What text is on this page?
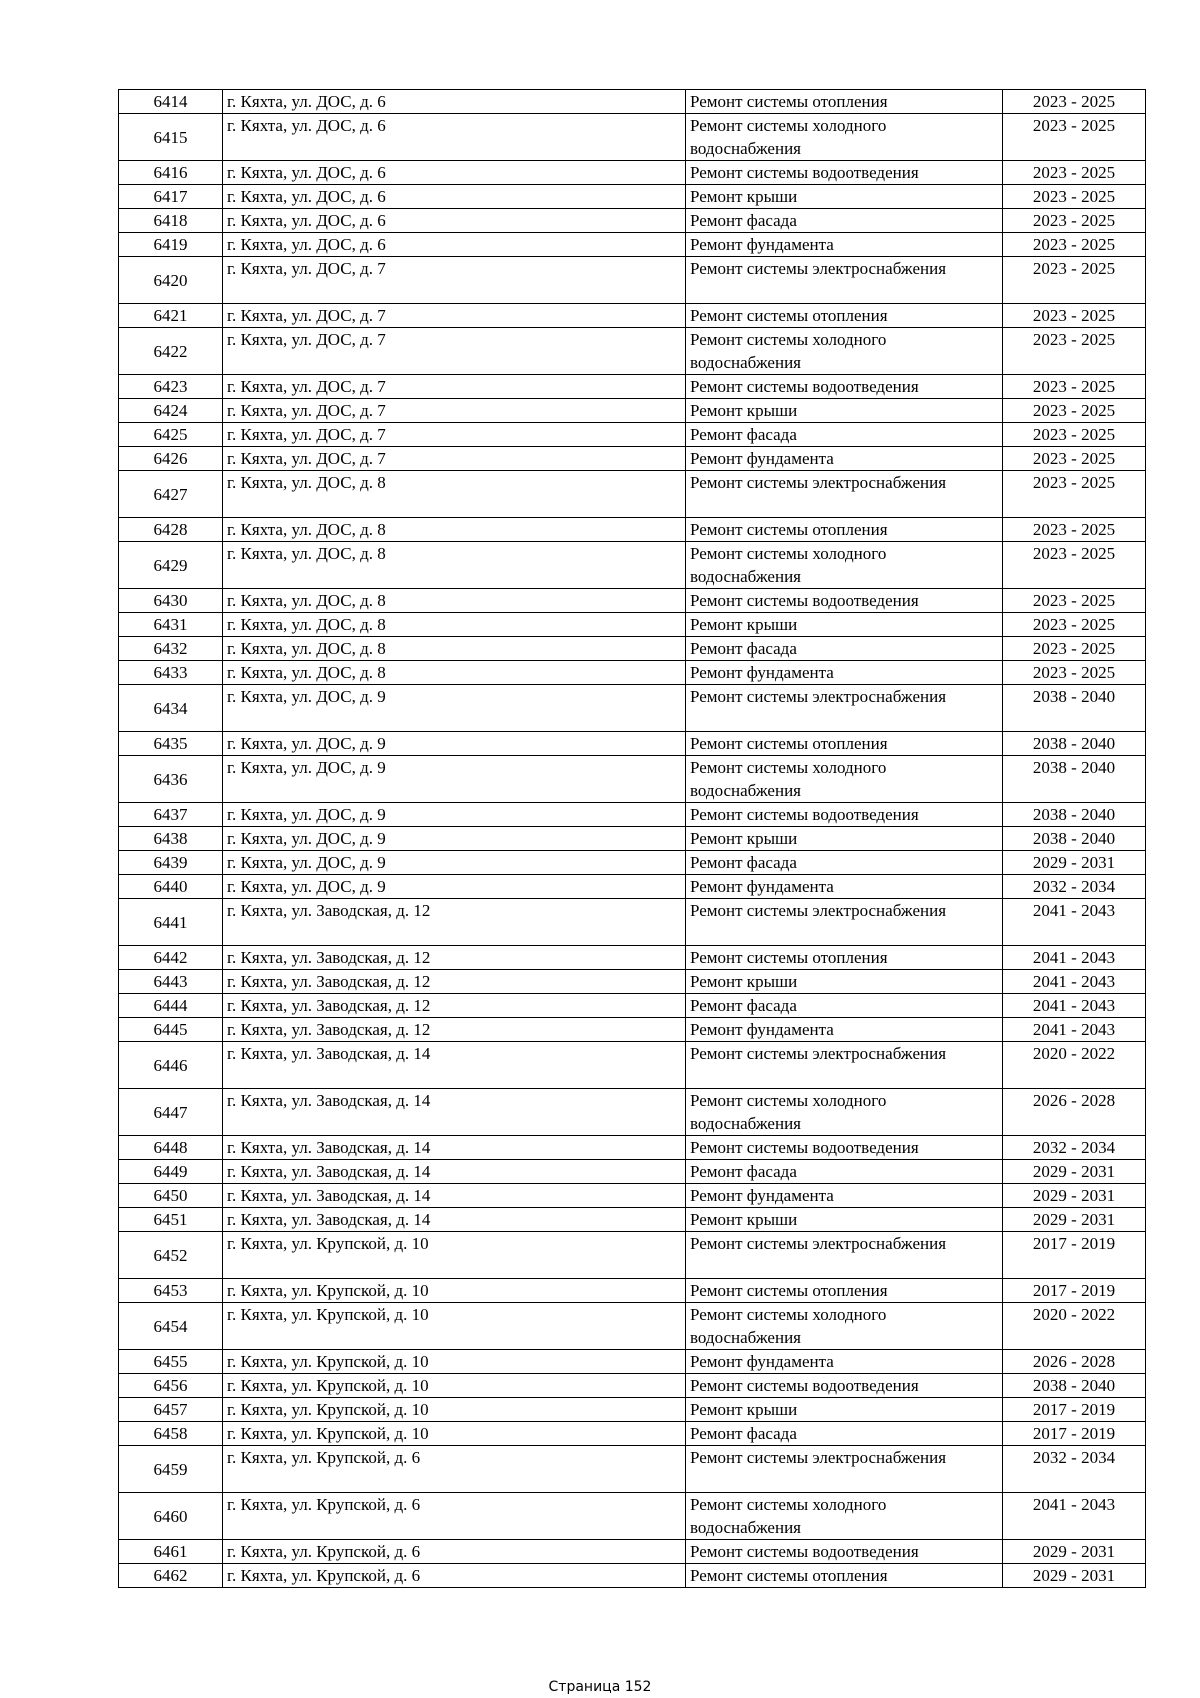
6414	г. Кяхта, ул. ДОС, д. 6	Ремонт системы отопления	2023 - 2025
6415	г. Кяхта, ул. ДОС, д. 6	Ремонт системы холодного водоснабжения	2023 - 2025
6416	г. Кяхта, ул. ДОС, д. 6	Ремонт системы водоотведения	2023 - 2025
6417	г. Кяхта, ул. ДОС, д. 6	Ремонт крыши	2023 - 2025
6418	г. Кяхта, ул. ДОС, д. 6	Ремонт фасада	2023 - 2025
6419	г. Кяхта, ул. ДОС, д. 6	Ремонт фундамента	2023 - 2025
6420	г. Кяхта, ул. ДОС, д. 7	Ремонт системы электроснабжения	2023 - 2025
6421	г. Кяхта, ул. ДОС, д. 7	Ремонт системы отопления	2023 - 2025
6422	г. Кяхта, ул. ДОС, д. 7	Ремонт системы холодного водоснабжения	2023 - 2025
6423	г. Кяхта, ул. ДОС, д. 7	Ремонт системы водоотведения	2023 - 2025
6424	г. Кяхта, ул. ДОС, д. 7	Ремонт крыши	2023 - 2025
6425	г. Кяхта, ул. ДОС, д. 7	Ремонт фасада	2023 - 2025
6426	г. Кяхта, ул. ДОС, д. 7	Ремонт фундамента	2023 - 2025
6427	г. Кяхта, ул. ДОС, д. 8	Ремонт системы электроснабжения	2023 - 2025
6428	г. Кяхта, ул. ДОС, д. 8	Ремонт системы отопления	2023 - 2025
6429	г. Кяхта, ул. ДОС, д. 8	Ремонт системы холодного водоснабжения	2023 - 2025
6430	г. Кяхта, ул. ДОС, д. 8	Ремонт системы водоотведения	2023 - 2025
6431	г. Кяхта, ул. ДОС, д. 8	Ремонт крыши	2023 - 2025
6432	г. Кяхта, ул. ДОС, д. 8	Ремонт фасада	2023 - 2025
6433	г. Кяхта, ул. ДОС, д. 8	Ремонт фундамента	2023 - 2025
6434	г. Кяхта, ул. ДОС, д. 9	Ремонт системы электроснабжения	2038 - 2040
6435	г. Кяхта, ул. ДОС, д. 9	Ремонт системы отопления	2038 - 2040
6436	г. Кяхта, ул. ДОС, д. 9	Ремонт системы холодного водоснабжения	2038 - 2040
6437	г. Кяхта, ул. ДОС, д. 9	Ремонт системы водоотведения	2038 - 2040
6438	г. Кяхта, ул. ДОС, д. 9	Ремонт крыши	2038 - 2040
6439	г. Кяхта, ул. ДОС, д. 9	Ремонт фасада	2029 - 2031
6440	г. Кяхта, ул. ДОС, д. 9	Ремонт фундамента	2032 - 2034
6441	г. Кяхта, ул. Заводская, д. 12	Ремонт системы электроснабжения	2041 - 2043
6442	г. Кяхта, ул. Заводская, д. 12	Ремонт системы отопления	2041 - 2043
6443	г. Кяхта, ул. Заводская, д. 12	Ремонт крыши	2041 - 2043
6444	г. Кяхта, ул. Заводская, д. 12	Ремонт фасада	2041 - 2043
6445	г. Кяхта, ул. Заводская, д. 12	Ремонт фундамента	2041 - 2043
6446	г. Кяхта, ул. Заводская, д. 14	Ремонт системы электроснабжения	2020 - 2022
6447	г. Кяхта, ул. Заводская, д. 14	Ремонт системы холодного водоснабжения	2026 - 2028
6448	г. Кяхта, ул. Заводская, д. 14	Ремонт системы водоотведения	2032 - 2034
6449	г. Кяхта, ул. Заводская, д. 14	Ремонт фасада	2029 - 2031
6450	г. Кяхта, ул. Заводская, д. 14	Ремонт фундамента	2029 - 2031
6451	г. Кяхта, ул. Заводская, д. 14	Ремонт крыши	2029 - 2031
6452	г. Кяхта, ул. Крупской, д. 10	Ремонт системы электроснабжения	2017 - 2019
6453	г. Кяхта, ул. Крупской, д. 10	Ремонт системы отопления	2017 - 2019
6454	г. Кяхта, ул. Крупской, д. 10	Ремонт системы холодного водоснабжения	2020 - 2022
6455	г. Кяхта, ул. Крупской, д. 10	Ремонт фундамента	2026 - 2028
6456	г. Кяхта, ул. Крупской, д. 10	Ремонт системы водоотведения	2038 - 2040
6457	г. Кяхта, ул. Крупской, д. 10	Ремонт крыши	2017 - 2019
6458	г. Кяхта, ул. Крупской, д. 10	Ремонт фасада	2017 - 2019
6459	г. Кяхта, ул. Крупской, д. 6	Ремонт системы электроснабжения	2032 - 2034
6460	г. Кяхта, ул. Крупской, д. 6	Ремонт системы холодного водоснабжения	2041 - 2043
6461	г. Кяхта, ул. Крупской, д. 6	Ремонт системы водоотведения	2029 - 2031
6462	г. Кяхта, ул. Крупской, д. 6	Ремонт системы отопления	2029 - 2031
Страница 152
